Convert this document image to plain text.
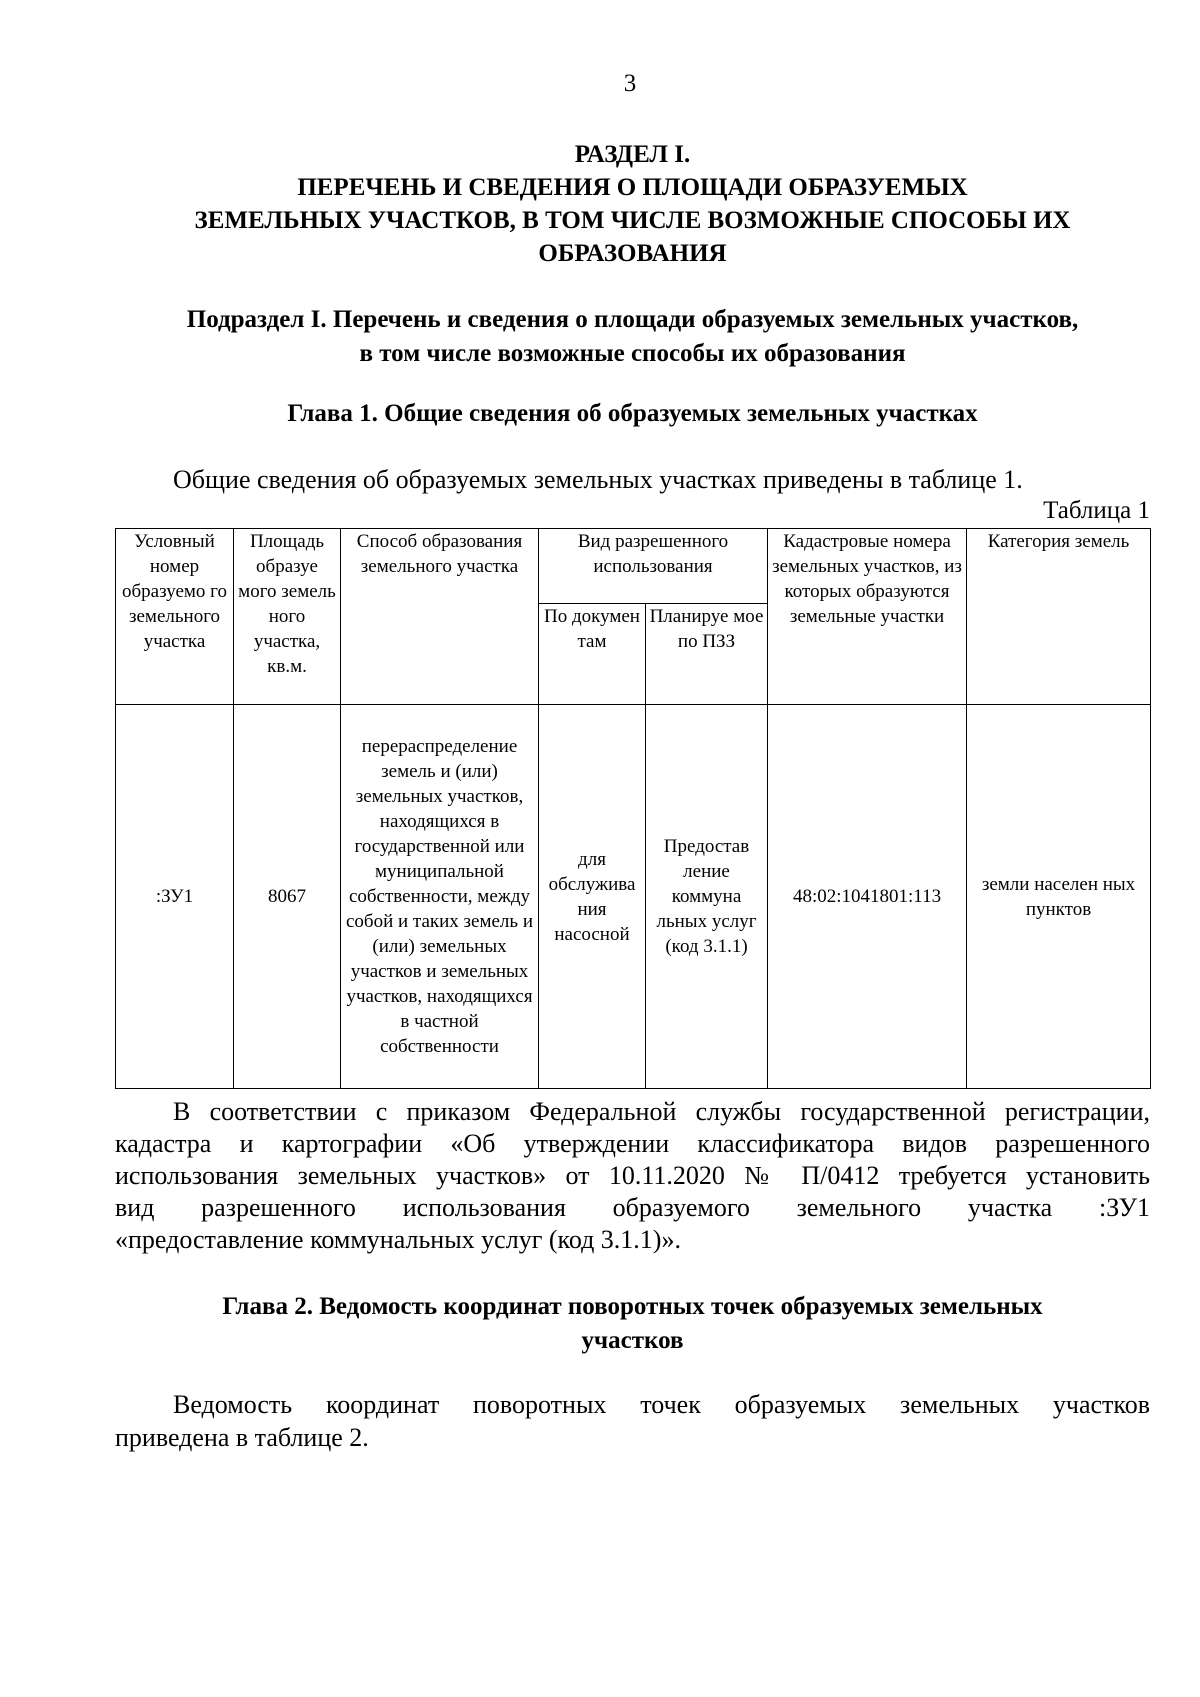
3
РАЗДЕЛ I.
ПЕРЕЧЕНЬ И СВЕДЕНИЯ О ПЛОЩАДИ ОБРАЗУЕМЫХ
ЗЕМЕЛЬНЫХ УЧАСТКОВ, В ТОМ ЧИСЛЕ ВОЗМОЖНЫЕ СПОСОБЫ ИХ
ОБРАЗОВАНИЯ
Подраздел I. Перечень и сведения о площади образуемых земельных участков,
в том числе возможные способы их образования
Глава 1. Общие сведения об образуемых земельных участках
Общие сведения об образуемых земельных участках приведены в таблице 1.
Таблица 1
Условный номер образуемо го земельного участка	Площадь образуе мого земель ного участка, кв.м.	Способ образования земельного участка	Вид разрешенного использования		Кадастровые номера земельных участков, из которых образуются земельные участки	Категория земель
			По докумен там	Планируе мое по ПЗЗ		
:ЗУ1	8067	перераспределение земель и (или) земельных участков, находящихся в государственной или муниципальной собственности, между собой и таких земель и (или) земельных участков и земельных участков, находящихся в частной собственности	для обслужива ния насосной	Предостав ление коммуна льных услуг (код 3.1.1)	48:02:1041801:113	земли населен ных пунктов
В соответствии с приказом Федеральной службы государственной регистрации,
кадастра и картографии «Об утверждении классификатора видов разрешенного
использования земельных участков» от 10.11.2020 № П/0412 требуется установить
вид разрешенного использования образуемого земельного участка :ЗУ1
«предоставление коммунальных услуг (код 3.1.1)».
Глава 2. Ведомость координат поворотных точек образуемых земельных
участков
Ведомость координат поворотных точек образуемых земельных участков
приведена в таблице 2.
